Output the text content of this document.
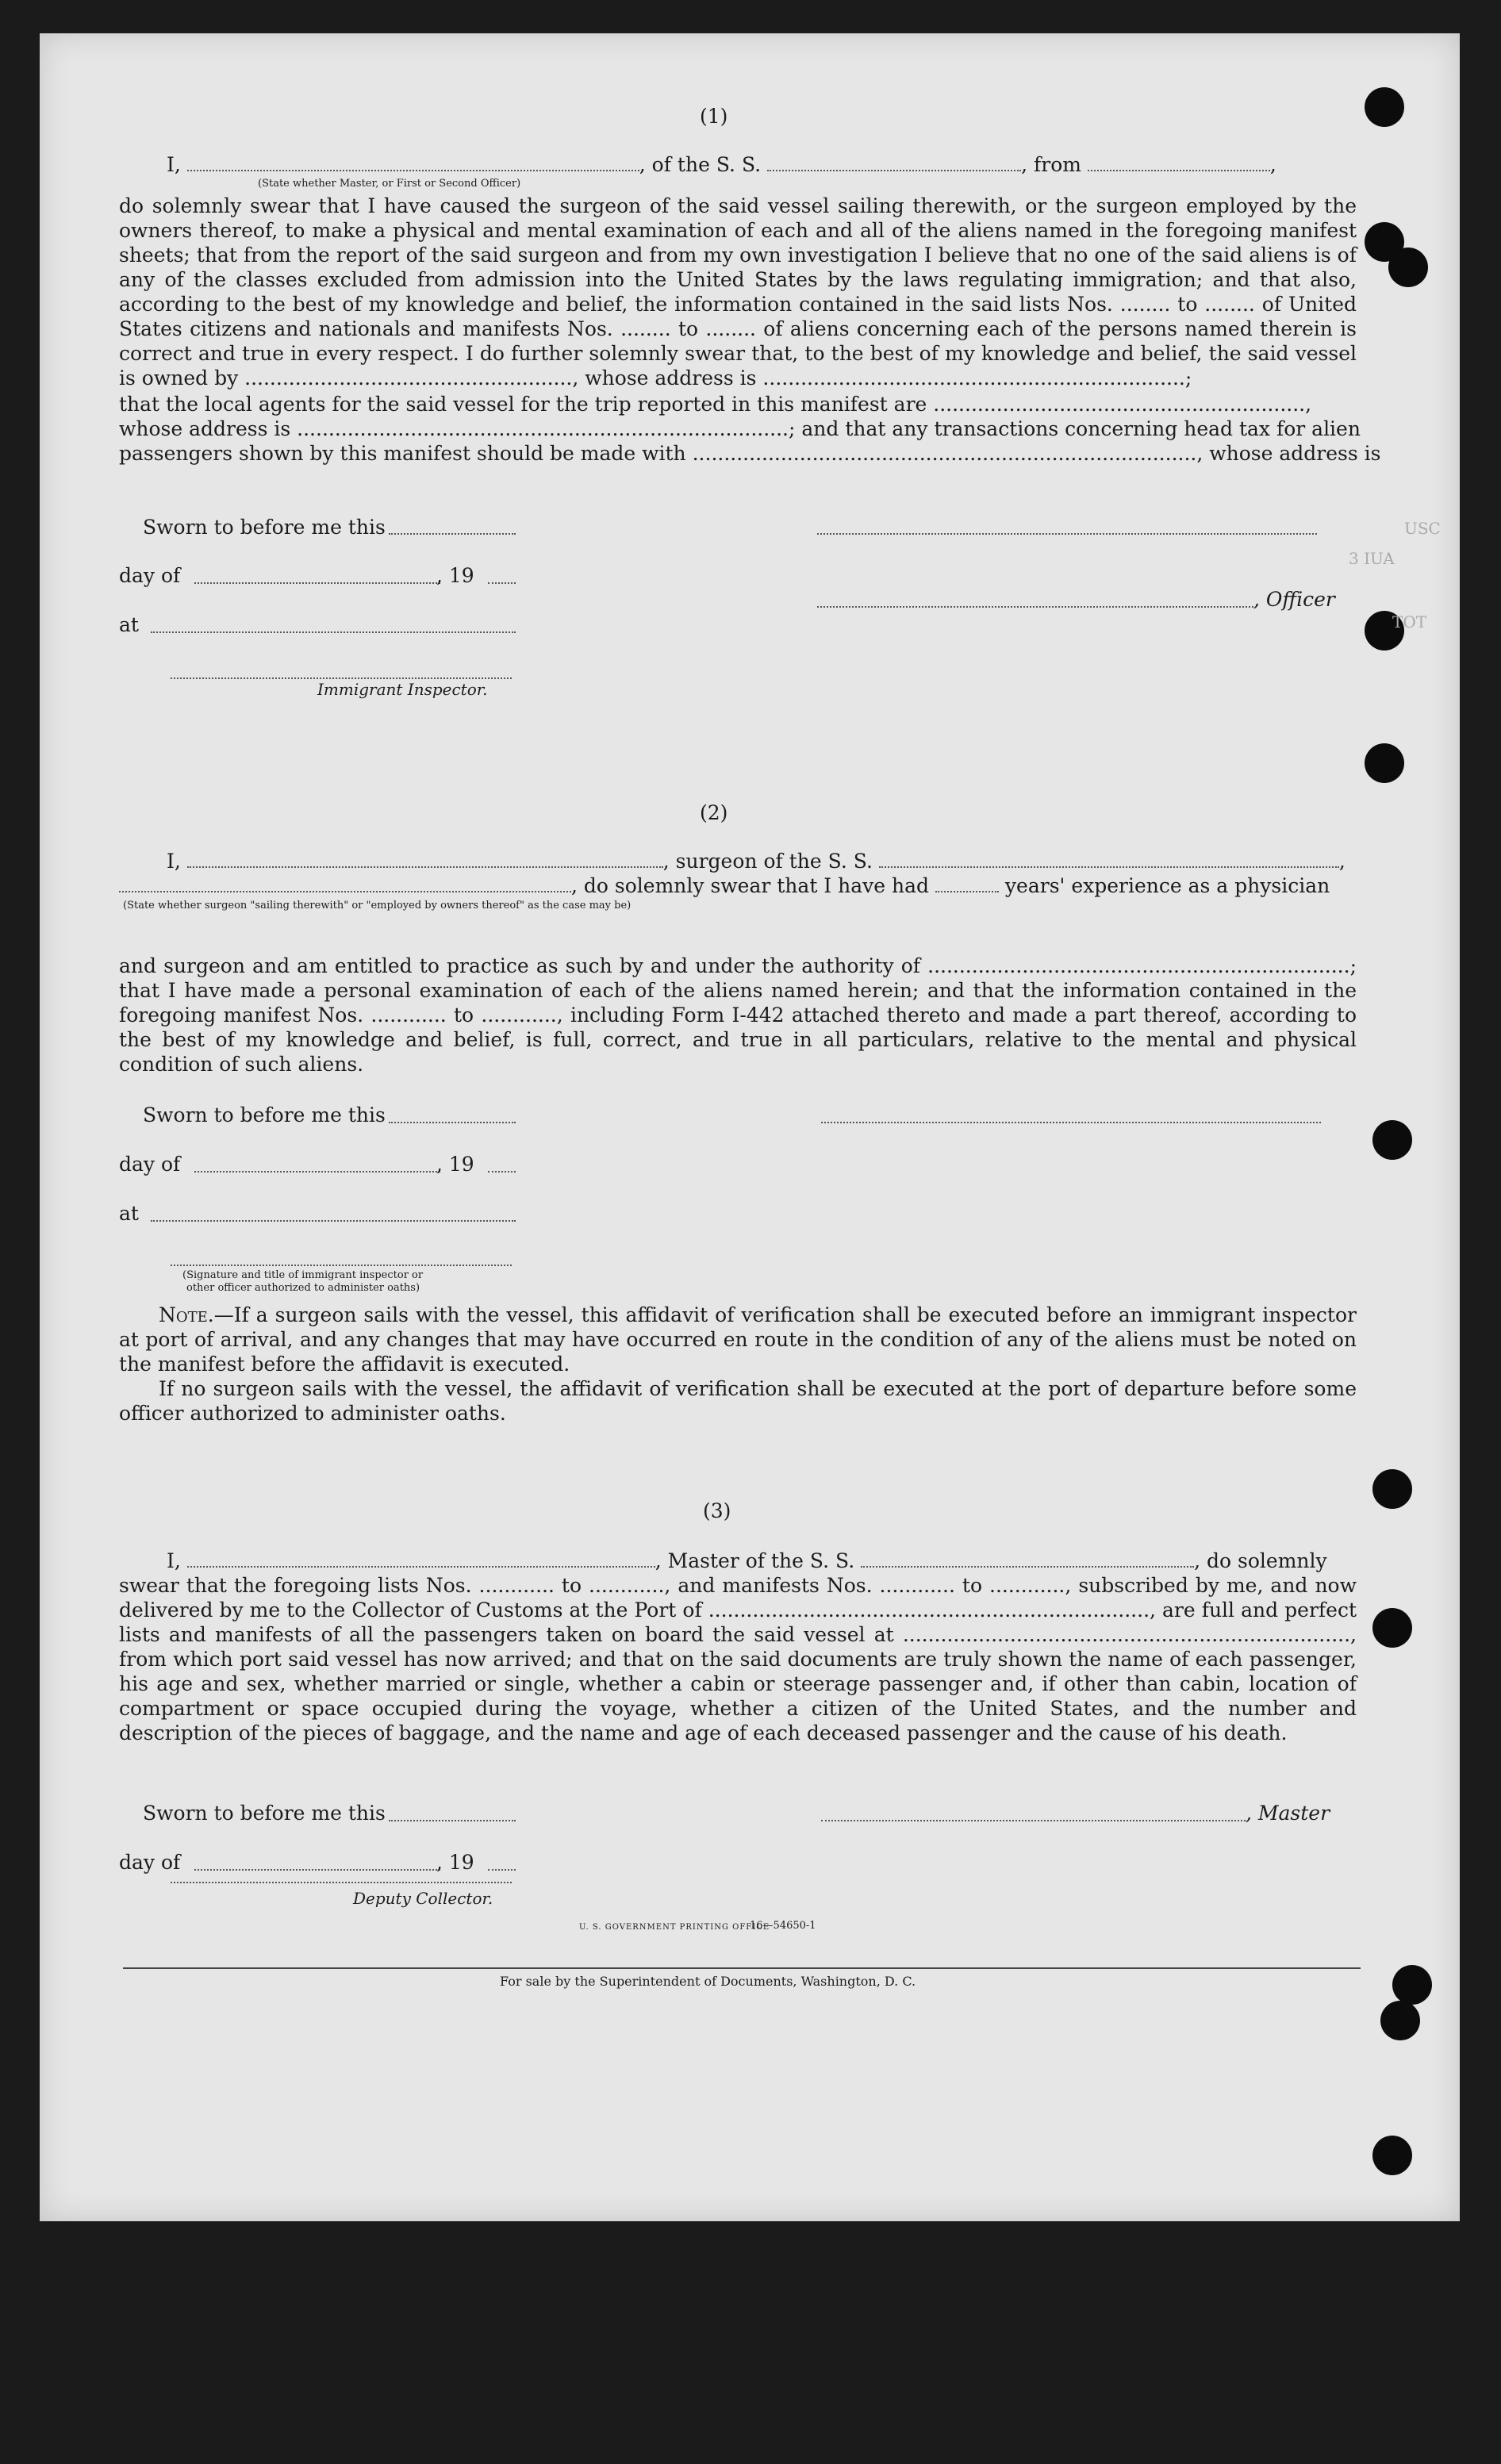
USC
3 IUA
TOT
(1)
I,	, of the S. S.	, from	,
(State whether Master, or First or Second Officer)
do solemnly swear that I have caused the surgeon of the said vessel sailing therewith, or the surgeon employed by the owners thereof, to make a physical and mental examination of each and all of the aliens named in the foregoing manifest sheets; that from the report of the said surgeon and from my own investigation I believe that no one of the said aliens is of any of the classes excluded from admission into the United States by the laws regulating immigration; and that also, according to the best of my knowledge and belief, the information contained in the said lists Nos. ........ to ........ of United States citizens and nationals and manifests Nos. ........ to ........ of aliens concerning each of the persons named therein is correct and true in every respect. I do further solemnly swear that, to the best of my knowledge and belief, the said vessel is owned by ...................................................., whose address is ...................................................................;
that the local agents for the said vessel for the trip reported in this manifest are ...........................................................,
whose address is ..............................................................................; and that any transactions concerning head tax for alien
passengers shown by this manifest should be made with ................................................................................, whose address is
Sworn to before me this
day of	, 19
, Officer
at
Immigrant Inspector.
(2)
I,	, surgeon of the S. S.	,
, do solemnly swear that I have had	years' experience as a physician
(State whether surgeon "sailing therewith" or "employed by owners thereof" as the case may be)
and surgeon and am entitled to practice as such by and under the authority of ...................................................................; that I have made a personal examination of each of the aliens named herein; and that the information contained in the foregoing manifest Nos. ............ to ............, including Form I-442 attached thereto and made a part thereof, according to the best of my knowledge and belief, is full, correct, and true in all particulars, relative to the mental and physical condition of such aliens.
Sworn to before me this
day of	, 19
at
(Signature and title of immigrant inspector or
other officer authorized to administer oaths)
Note.—If a surgeon sails with the vessel, this affidavit of verification shall be executed before an immigrant inspector at port of arrival, and any changes that may have occurred en route in the condition of any of the aliens must be noted on the manifest before the affidavit is executed.
If no surgeon sails with the vessel, the affidavit of verification shall be executed at the port of departure before some officer authorized to administer oaths.
(3)
I,	, Master of the S. S.	, do solemnly
swear that the foregoing lists Nos. ............ to ............, and manifests Nos. ............ to ............, subscribed by me, and now delivered by me to the Collector of Customs at the Port of ......................................................................, are full and perfect lists and manifests of all the passengers taken on board the said vessel at ......................................................................., from which port said vessel has now arrived; and that on the said documents are truly shown the name of each passenger, his age and sex, whether married or single, whether a cabin or steerage passenger and, if other than cabin, location of compartment or space occupied during the voyage, whether a citizen of the United States, and the number and description of the pieces of baggage, and the name and age of each deceased passenger and the cause of his death.
Sworn to before me this	, Master
day of	, 19
Deputy Collector.
U. S. GOVERNMENT PRINTING OFFICE
16—54650-1
For sale by the Superintendent of Documents, Washington, D. C.
